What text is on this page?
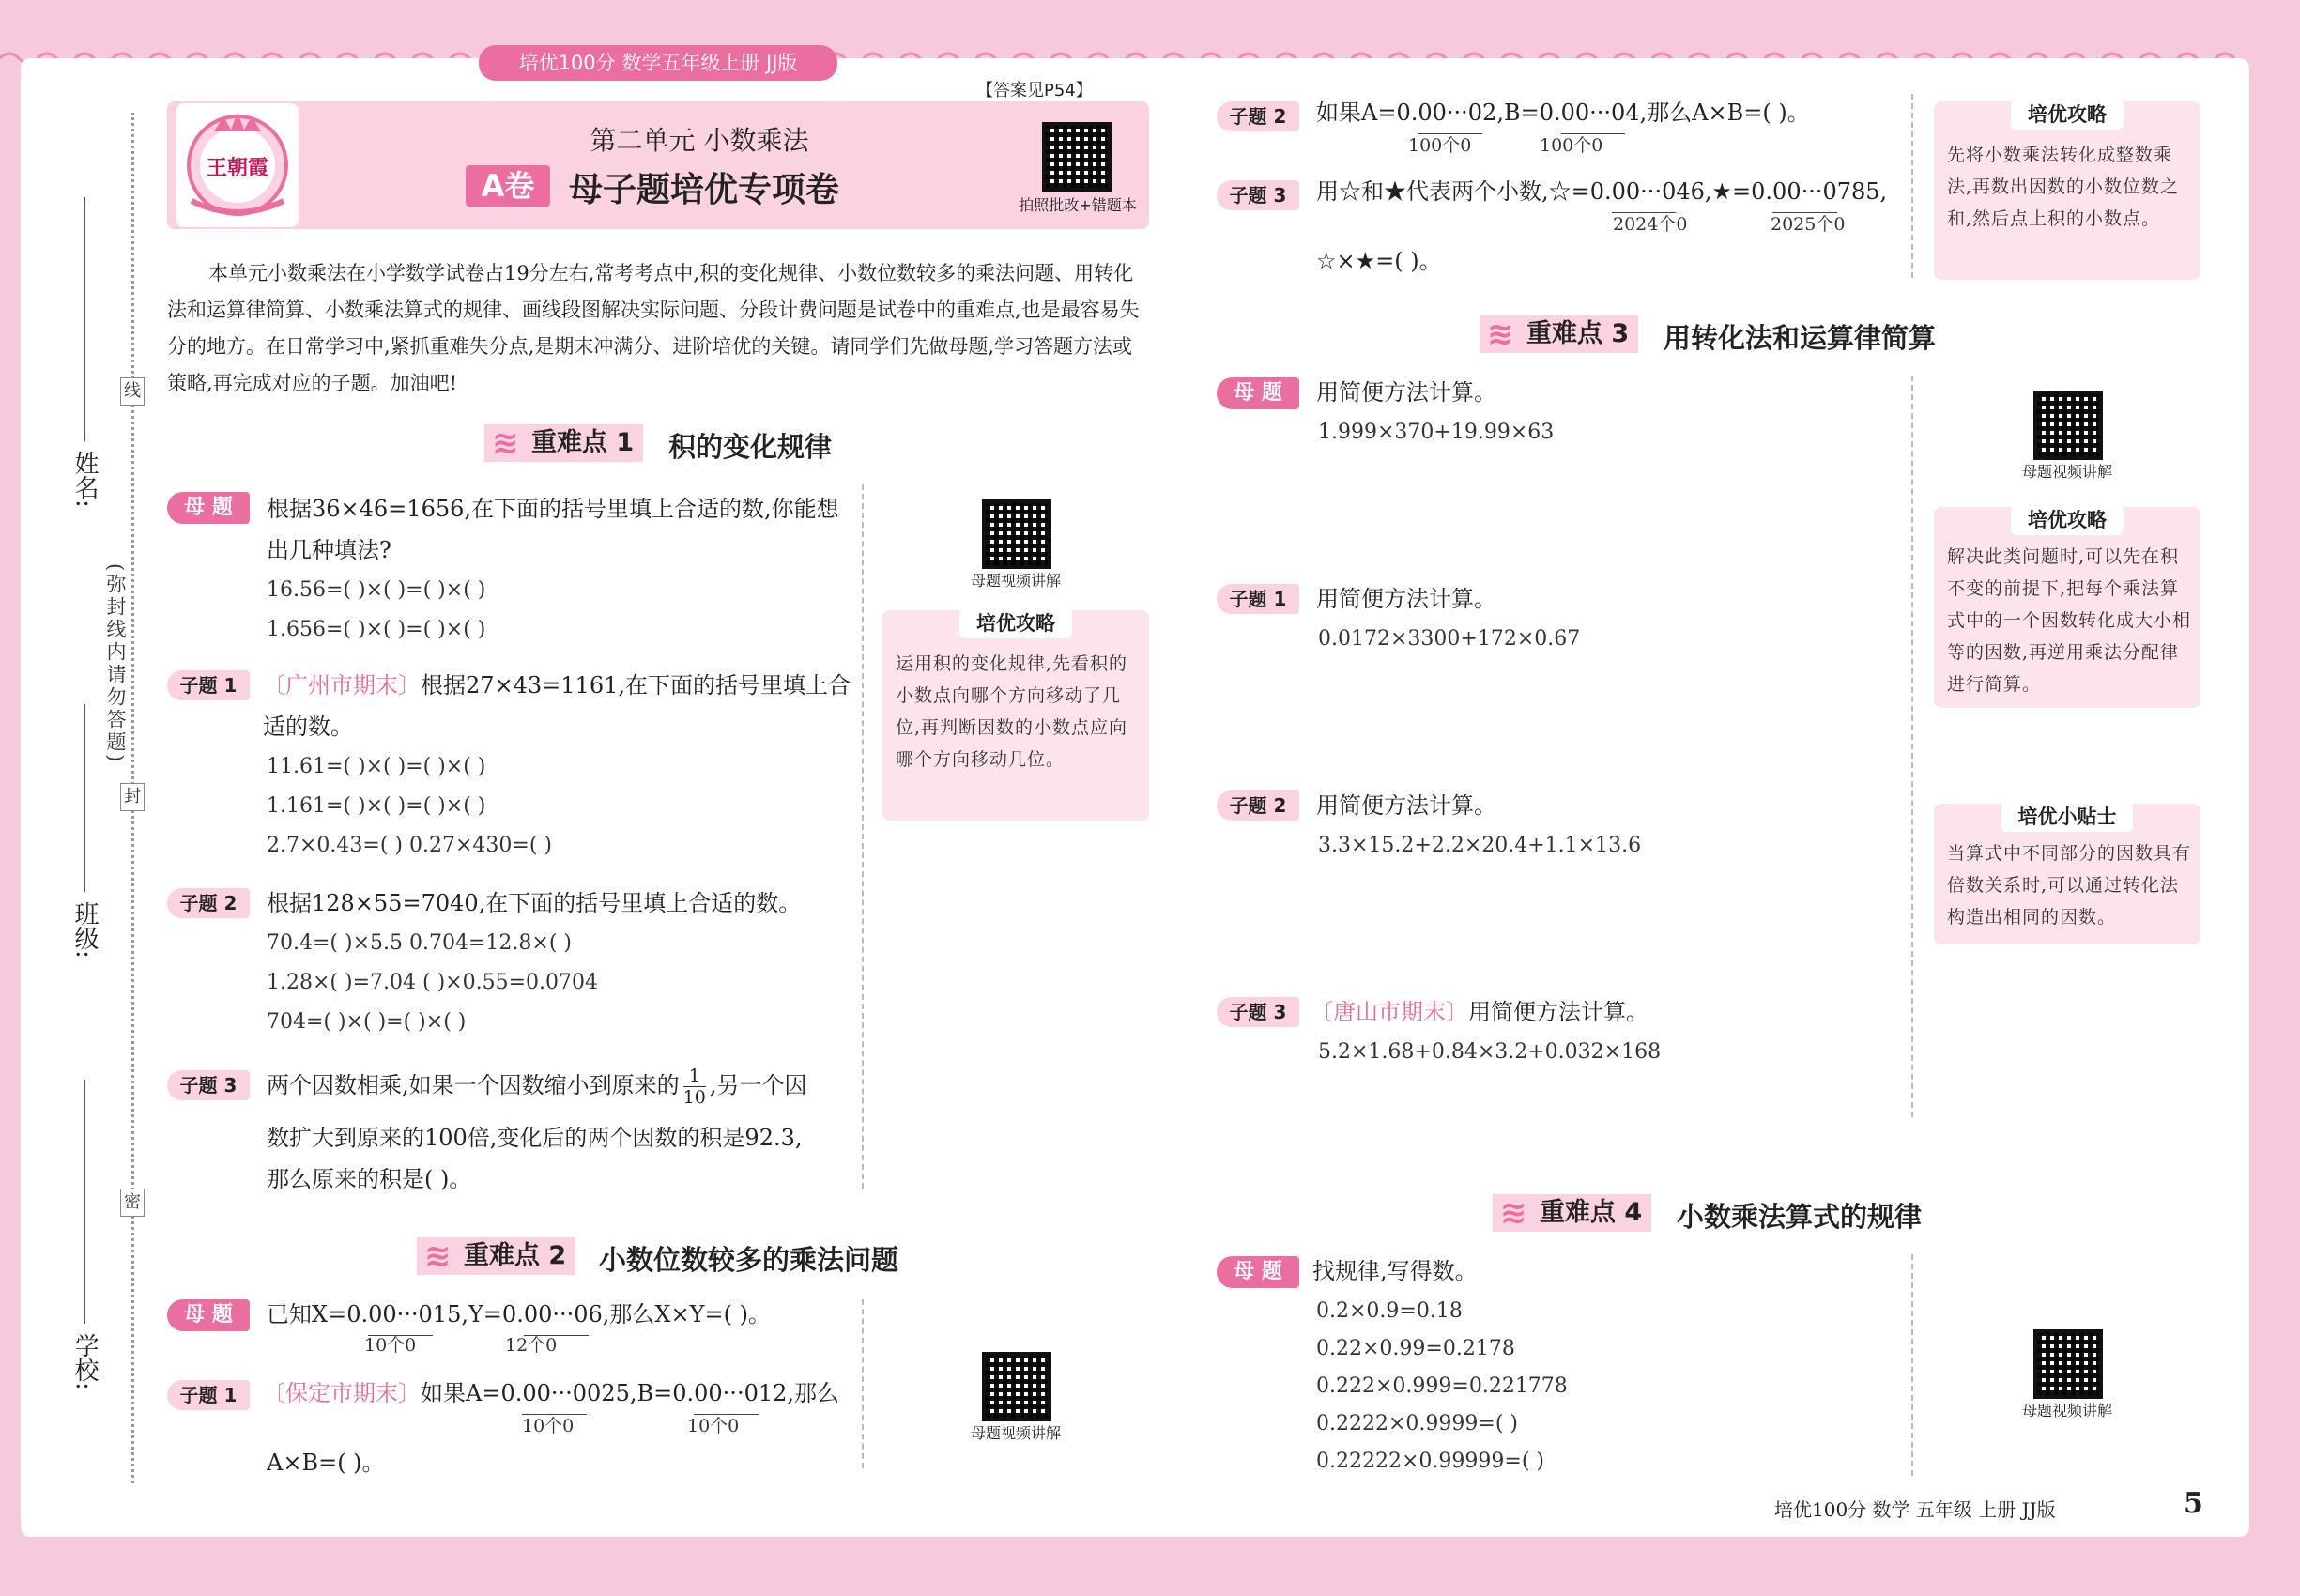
培优100分 数学五年级上册 JJ版
姓名:
班级:
学校:
线
(弥封线内请勿答题)
封
密
王朝霞
第二单元 小数乘法
A卷	母子题培优专项卷
【答案见P54】
拍照批改+错题本
本单元小数乘法在小学数学试卷占19分左右,常考考点中,积的变化规律、小数位数较多的乘法问题、用转化法和运算律简算、小数乘法算式的规律、画线段图解决实际问题、分段计费问题是试卷中的重难点,也是最容易失分的地方。在日常学习中,紧抓重难失分点,是期末冲满分、进阶培优的关键。请同学们先做母题,学习答题方法或策略,再完成对应的子题。加油吧!
≋ 重难点 1	积的变化规律
母 题	根据36×46=1656,在下面的括号里填上合适的数,你能想出几种填法?
16.56=( )×( )=( )×( )
1.656=( )×( )=( )×( )
子题 1	〔广州市期末〕根据27×43=1161,在下面的括号里填上合适的数。
11.61=( )×( )=( )×( )
1.161=( )×( )=( )×( )
2.7×0.43=( ) 0.27×430=( )
子题 2	根据128×55=7040,在下面的括号里填上合适的数。
70.4=( )×5.5 0.704=12.8×( )
1.28×( )=7.04 ( )×0.55=0.0704
704=( )×( )=( )×( )
子题 3	两个因数相乘,如果一个因数缩小到原来的 $\frac{1}{10}$ ,另一个因
数扩大到原来的100倍,变化后的两个因数的积是92.3,
那么原来的积是( )。
母题视频讲解
培优攻略
运用积的变化规律,先看积的小数点向哪个方向移动了几位,再判断因数的小数点应向哪个方向移动几位。
≋ 重难点 2	小数位数较多的乘法问题
母 题	已知X=0.00···015,Y=0.00···06,那么X×Y=( )。
10个0	12个0
子题 1	〔保定市期末〕如果A=0.00···0025,B=0.00···012,那么
10个0	10个0
A×B=( )。
母题视频讲解
子题 2	如果A=0.00···02,B=0.00···04,那么A×B=( )。
100个0	100个0
子题 3	用☆和★代表两个小数,☆=0.00···046,★=0.00···0785,
2024个0	2025个0
☆×★=( )。
培优攻略
先将小数乘法转化成整数乘法,再数出因数的小数位数之和,然后点上积的小数点。
≋ 重难点 3	用转化法和运算律简算
母 题	用简便方法计算。
1.999×370+19.99×63
子题 1	用简便方法计算。
0.0172×3300+172×0.67
子题 2	用简便方法计算。
3.3×15.2+2.2×20.4+1.1×13.6
子题 3	〔唐山市期末〕用简便方法计算。
5.2×1.68+0.84×3.2+0.032×168
母题视频讲解
培优攻略
解决此类问题时,可以先在积不变的前提下,把每个乘法算式中的一个因数转化成大小相等的因数,再逆用乘法分配律进行简算。
培优小贴士
当算式中不同部分的因数具有倍数关系时,可以通过转化法构造出相同的因数。
≋ 重难点 4	小数乘法算式的规律
母 题	找规律,写得数。
0.2×0.9=0.18
0.22×0.99=0.2178
0.222×0.999=0.221778
0.2222×0.9999=( )
0.22222×0.99999=( )
母题视频讲解
培优100分 数学 五年级 上册 JJ版	5
